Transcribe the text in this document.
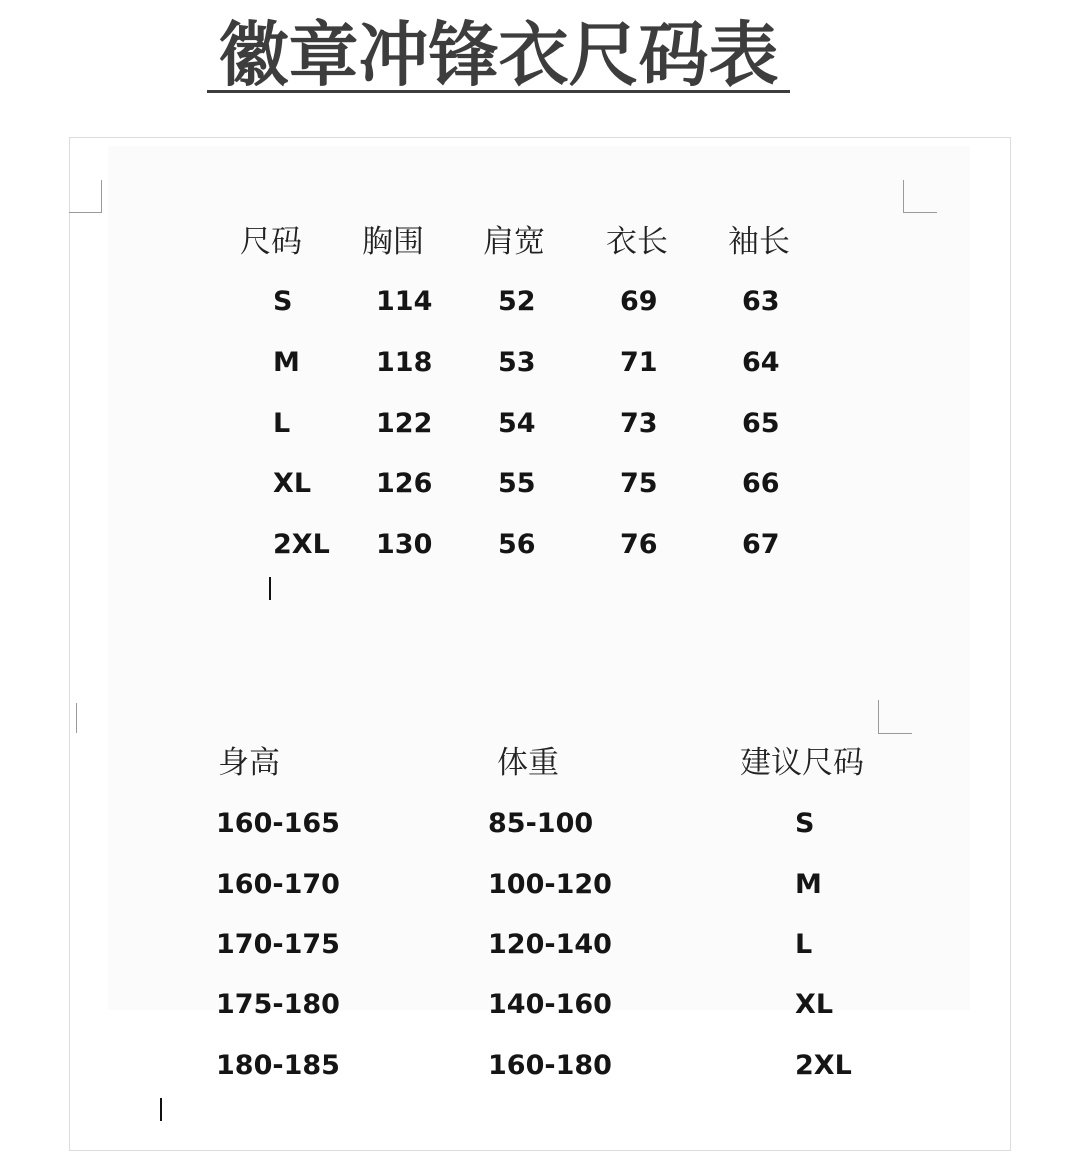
徽章冲锋衣尺码表
尺码 胸围 肩宽 衣长 袖长
S	114 52	69	63
M	118 53	71	64
L	122 54	73	65
XL 126 55	75	66
2XL 130 56	76	67
身高	体重	建议尺码
160-165	85-100	S
160-170	100-120	M
170-175	120-140	L
175-180	140-160	XL
180-185	160-180	2XL
